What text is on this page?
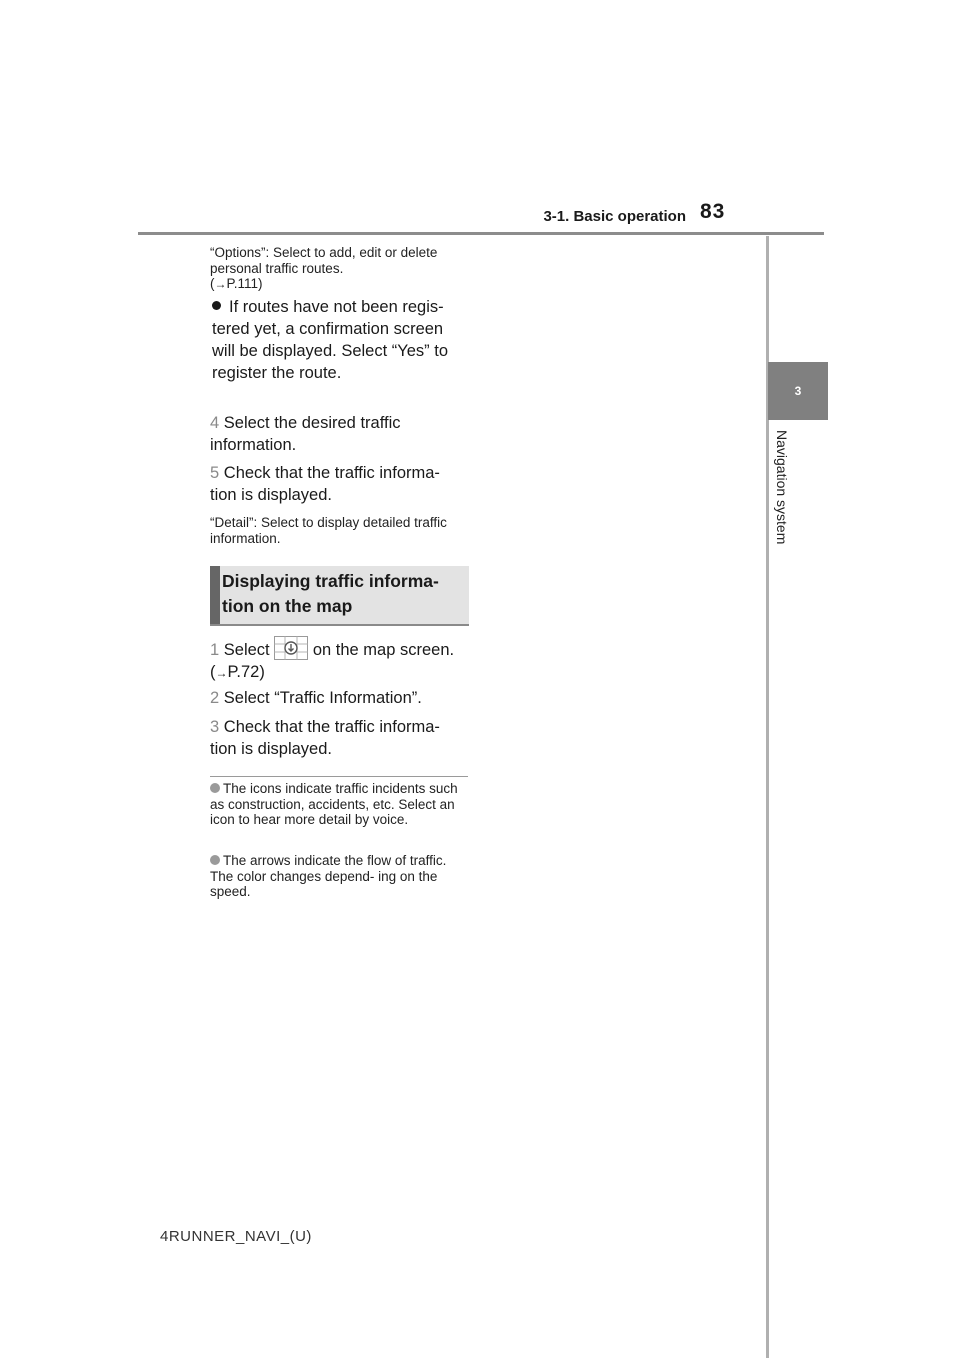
3-1. Basic operation 83
3
Navigation system
“Options”: Select to add, edit or delete personal traffic routes.
(→P.111)
If routes have not been regis- tered yet, a confirmation screen will be displayed. Select “Yes” to register the route.
4 Select the desired traffic information.
5 Check that the traffic informa- tion is displayed.
“Detail”: Select to display detailed traffic information.
Displaying traffic informa- tion on the map
1 Select	on the map screen. (→P.72)
2 Select “Traffic Information”.
3 Check that the traffic informa- tion is displayed.
The icons indicate traffic incidents such as construction, accidents, etc. Select an icon to hear more detail by voice.
The arrows indicate the flow of traffic. The color changes depend- ing on the speed.
4RUNNER_NAVI_(U)
